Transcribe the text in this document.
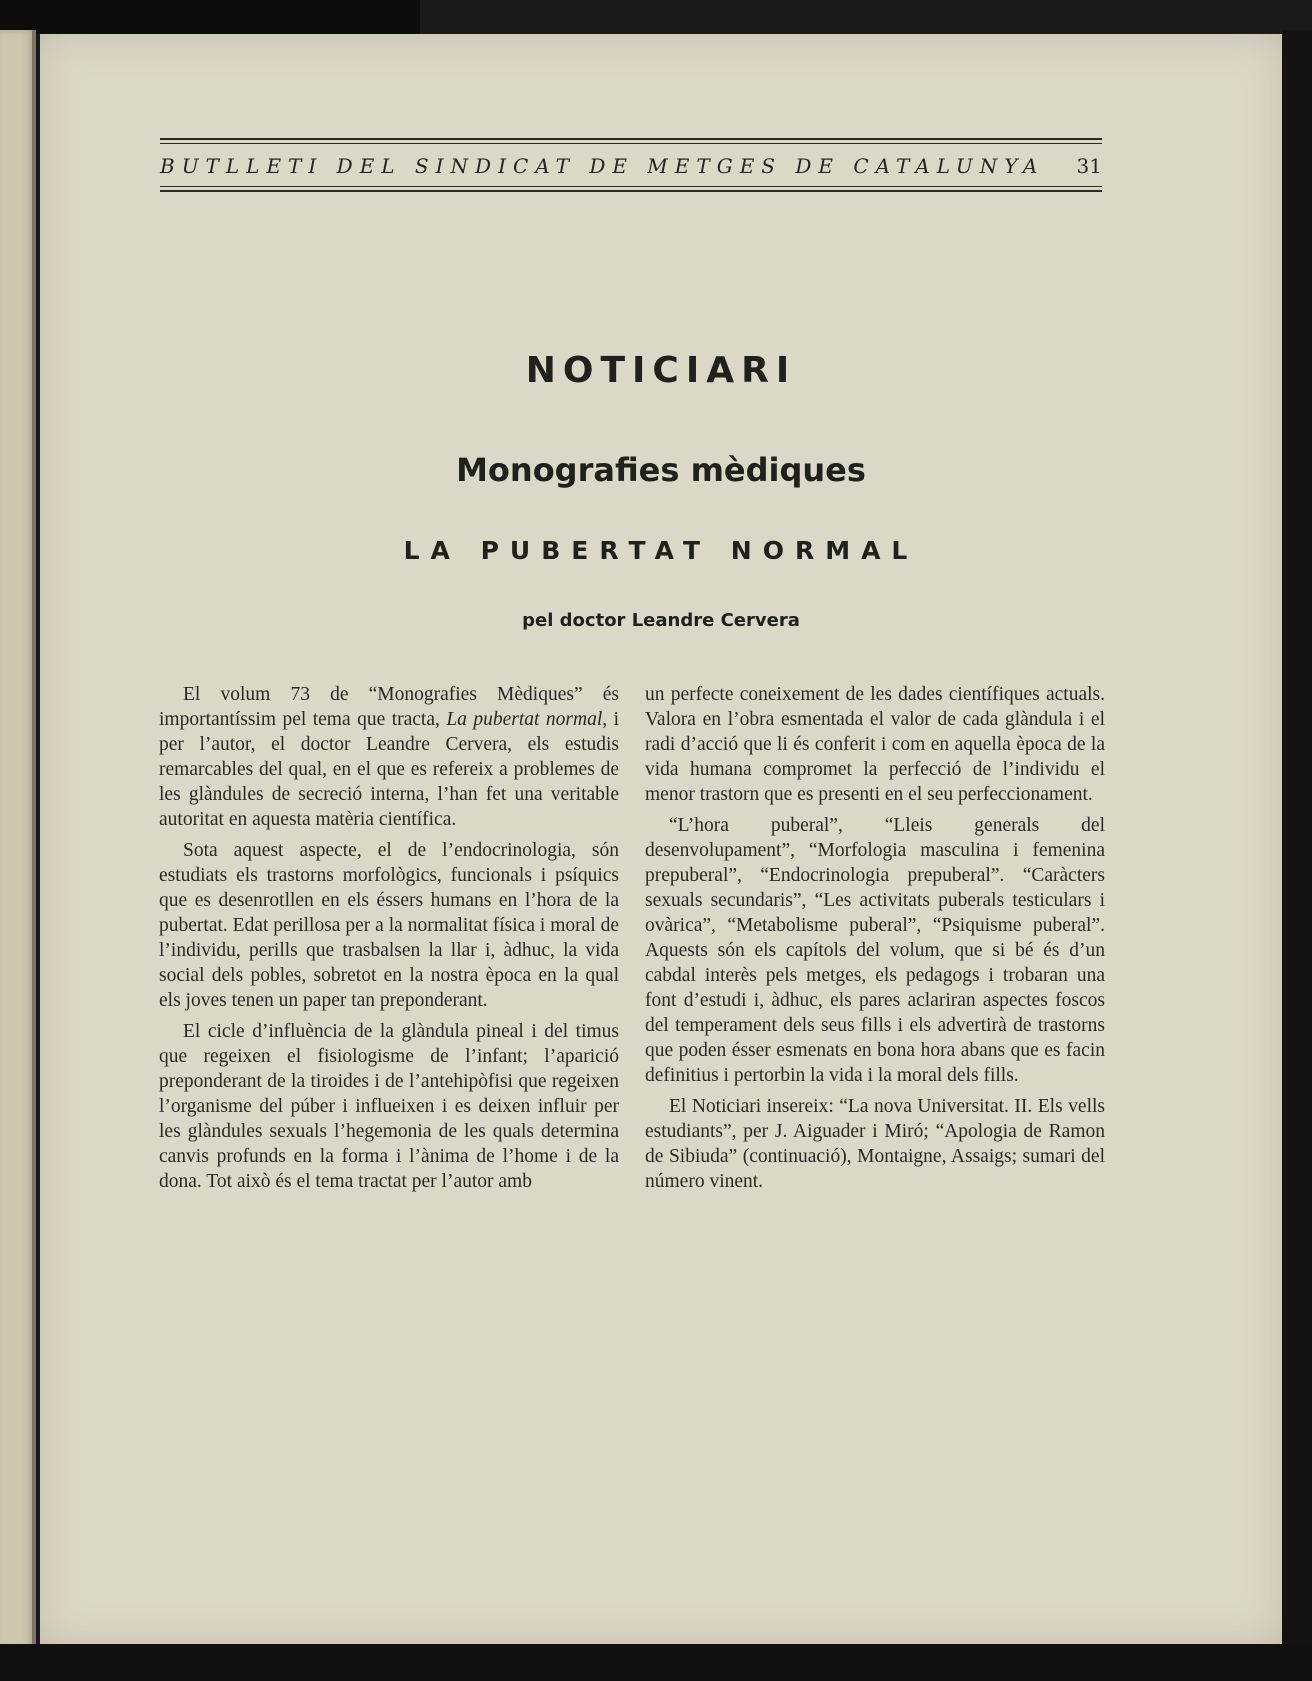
BUTLLETI DEL SINDICAT DE METGES DE CATALUNYA	31
NOTICIARI
Monografies mèdiques
LA PUBERTAT NORMAL
pel doctor Leandre Cervera

El volum 73 de “Monografies Mèdiques” és importantíssim pel tema que tracta, La pubertat normal, i per l’autor, el doctor Leandre Cervera, els estudis remarcables del qual, en el que es refereix a problemes de les glàndules de secreció interna, l’han fet una veritable autoritat en aquesta matèria científica.

Sota aquest aspecte, el de l’endocrinologia, són estudiats els trastorns morfològics, funcionals i psíquics que es desenrotllen en els éssers humans en l’hora de la pubertat. Edat perillosa per a la normalitat física i moral de l’individu, perills que trasbalsen la llar i, àdhuc, la vida social dels pobles, sobretot en la nostra època en la qual els joves tenen un paper tan preponderant.

El cicle d’influència de la glàndula pineal i del timus que regeixen el fisiologisme de l’infant; l’aparició preponderant de la tiroides i de l’antehipòfisi que regeixen l’organisme del púber i influeixen i es deixen influir per les glàndules sexuals l’hegemonia de les quals determina canvis profunds en la forma i l’ànima de l’home i de la dona. Tot això és el tema tractat per l’autor amb

un perfecte coneixement de les dades científiques actuals. Valora en l’obra esmentada el valor de cada glàndula i el radi d’acció que li és conferit i com en aquella època de la vida humana compromet la perfecció de l’individu el menor trastorn que es presenti en el seu perfeccionament.

“L’hora puberal”, “Lleis generals del desenvolupament”, “Morfologia masculina i femenina prepuberal”, “Endocrinologia prepuberal”. “Caràcters sexuals secundaris”, “Les activitats puberals testiculars i ovàrica”, “Metabolisme puberal”, “Psiquisme puberal”. Aquests són els capítols del volum, que si bé és d’un cabdal interès pels metges, els pedagogs i trobaran una font d’estudi i, àdhuc, els pares aclariran aspectes foscos del temperament dels seus fills i els advertirà de trastorns que poden ésser esmenats en bona hora abans que es facin definitius i pertorbin la vida i la moral dels fills.

El Noticiari insereix: “La nova Universitat. II. Els vells estudiants”, per J. Aiguader i Miró; “Apologia de Ramon de Sibiuda” (continuació), Montaigne, Assaigs; sumari del número vinent.
